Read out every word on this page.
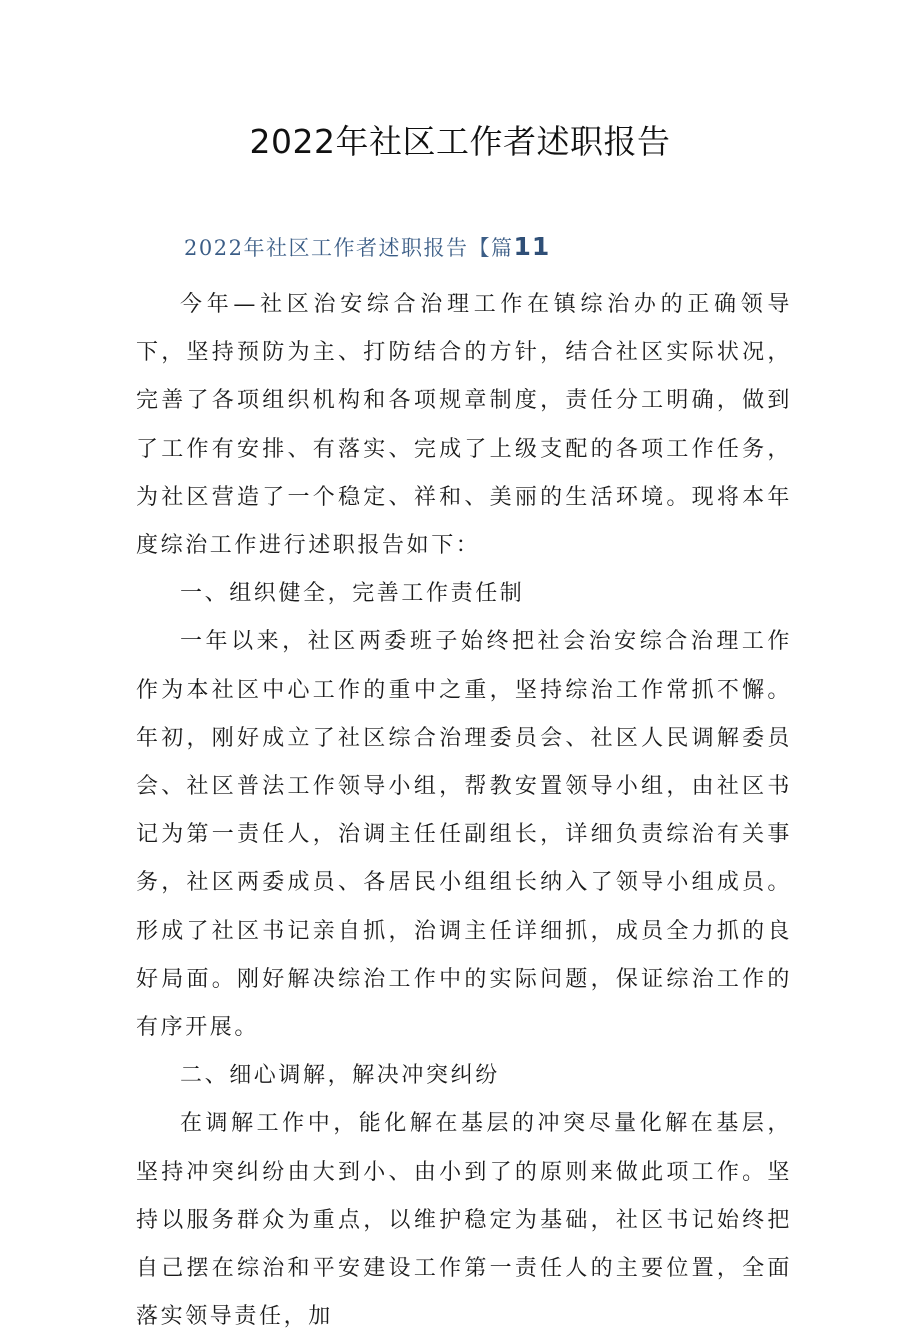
2022年社区工作者述职报告
2022年社区工作者述职报告【篇11

今年—社区治安综合治理工作在镇综治办的正确领导下，坚持预防为主、打防结合的方针，结合社区实际状况，完善了各项组织机构和各项规章制度，责任分工明确，做到了工作有安排、有落实、完成了上级支配的各项工作任务，为社区营造了一个稳定、祥和、美丽的生活环境。现将本年度综治工作进行述职报告如下：

一、组织健全，完善工作责任制

一年以来，社区两委班子始终把社会治安综合治理工作作为本社区中心工作的重中之重，坚持综治工作常抓不懈。年初，刚好成立了社区综合治理委员会、社区人民调解委员会、社区普法工作领导小组，帮教安置领导小组，由社区书记为第一责任人，治调主任任副组长，详细负责综治有关事务，社区两委成员、各居民小组组长纳入了领导小组成员。形成了社区书记亲自抓，治调主任详细抓，成员全力抓的良好局面。刚好解决综治工作中的实际问题，保证综治工作的有序开展。

二、细心调解，解决冲突纠纷

在调解工作中，能化解在基层的冲突尽量化解在基层，坚持冲突纠纷由大到小、由小到了的原则来做此项工作。坚持以服务群众为重点，以维护稳定为基础，社区书记始终把自己摆在综治和平安建设工作第一责任人的主要位置，全面落实领导责任，加
